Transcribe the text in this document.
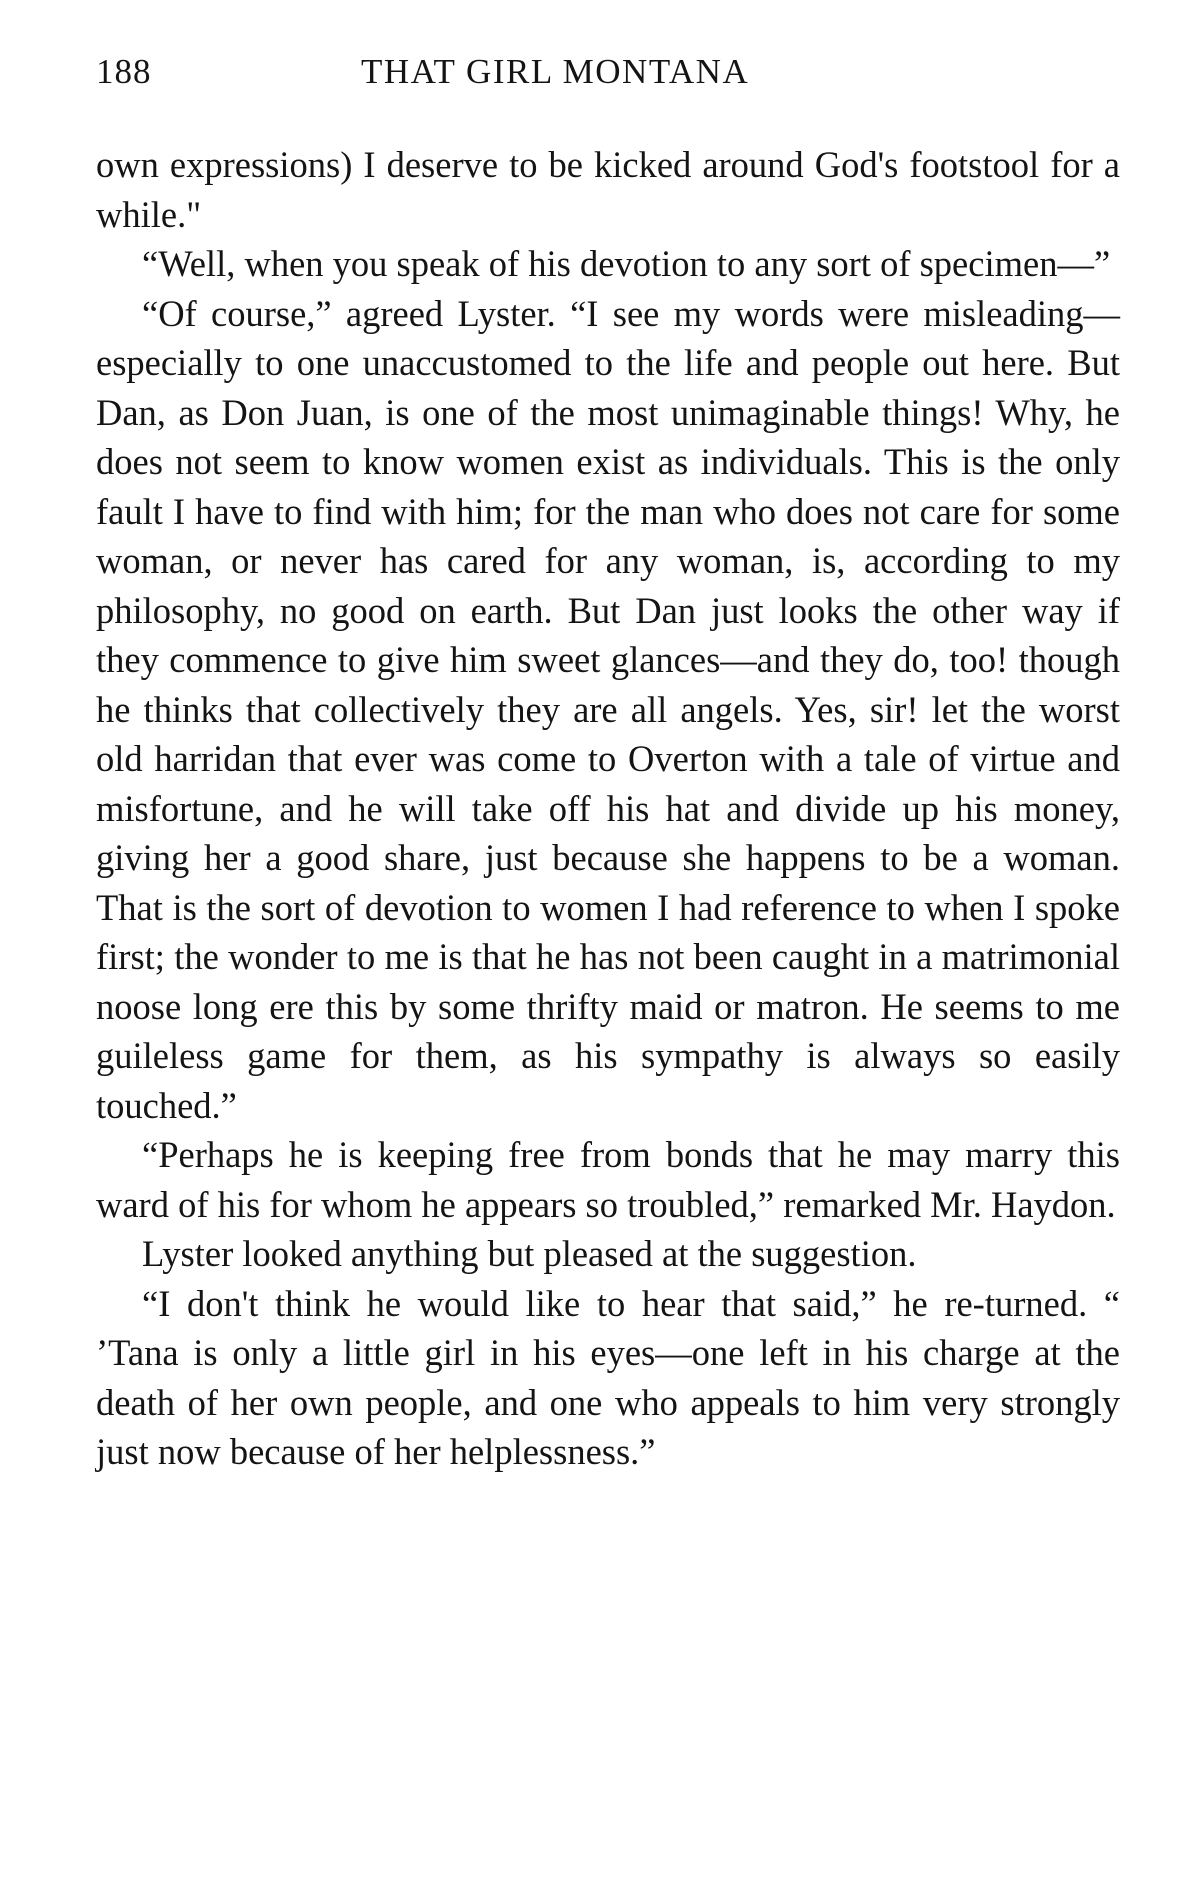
188	THAT GIRL MONTANA

own expressions) I deserve to be kicked around God's footstool for a while."

“Well, when you speak of his devotion to any sort of specimen—”

“Of course,” agreed Lyster. “I see my words were misleading—especially to one unaccustomed to the life and people out here. But Dan, as Don Juan, is one of the most unimaginable things! Why, he does not seem to know women exist as individuals. This is the only fault I have to find with him; for the man who does not care for some woman, or never has cared for any woman, is, according to my philosophy, no good on earth. But Dan just looks the other way if they commence to give him sweet glances—and they do, too! though he thinks that collectively they are all angels. Yes, sir! let the worst old harridan that ever was come to Overton with a tale of virtue and misfortune, and he will take off his hat and divide up his money, giving her a good share, just because she happens to be a woman. That is the sort of devotion to women I had reference to when I spoke first; the wonder to me is that he has not been caught in a matrimonial noose long ere this by some thrifty maid or matron. He seems to me guileless game for them, as his sympathy is always so easily touched.”

“Perhaps he is keeping free from bonds that he may marry this ward of his for whom he appears so troubled,” remarked Mr. Haydon.

Lyster looked anything but pleased at the suggestion.

“I don't think he would like to hear that said,” he re-turned. “ ’Tana is only a little girl in his eyes—one left in his charge at the death of her own people, and one who appeals to him very strongly just now because of her helplessness.”
